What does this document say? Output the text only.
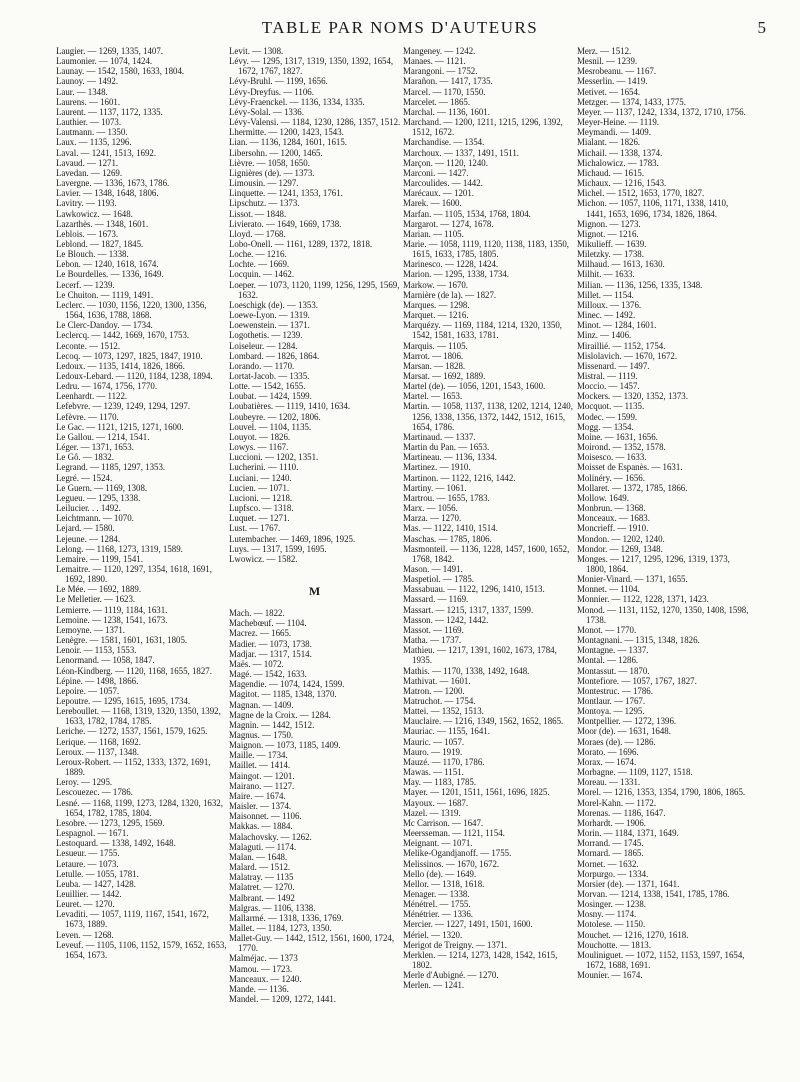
TABLE PAR NOMS D'AUTEURS	5

Laugier. — 1269, 1335, 1407.

Laumonier. — 1074, 1424.

Launay. — 1542, 1580, 1633, 1804.

Launoy. — 1492.

Laur. — 1348.

Laurens. — 1601.

Laurent. — 1137, 1172, 1335.

Lauthier. — 1073.

Lautmann. — 1350.

Laux. — 1135, 1296.

Laval. — 1241, 1513, 1692.

Lavaud. — 1271.

Lavedan. — 1269.

Lavergne. — 1336, 1673, 1786.

Lavier. — 1348, 1648, 1806.

Lavitry. — 1193.

Lawkowicz. — 1648.

Lazarthès. — 1348, 1601.

Leblois. — 1673.

Leblond. — 1827, 1845.

Le Blouch. — 1338.

Lebon. — 1240, 1618, 1674.

Le Bourdelles. — 1336, 1649.

Lecerf. — 1239.

Le Chuiton. — 1119, 1491.

Leclerc. — 1030, 1156, 1220, 1300, 1356, 1564, 1636, 1788, 1868.

Le Clerc-Dandoy. — 1734.

Leclercq. — 1442, 1669, 1670, 1753.

Leconte. — 1512.

Lecoq. — 1073, 1297, 1825, 1847, 1910.

Ledoux. — 1135, 1414, 1826, 1866.

Ledoux-Lebard. — 1120, 1184, 1238, 1894.

Ledru. — 1674, 1756, 1770.

Leenhardt. — 1122.

Lefebvre. — 1239, 1249, 1294, 1297.

Lefèvre. — 1170.

Le Gac. — 1121, 1215, 1271, 1600.

Le Gallou. — 1214, 1541.

Léger. — 1371, 1653.

Le Gô. — 1832.

Legrand. — 1185, 1297, 1353.

Legré. — 1524.

Le Guern. — 1169, 1308.

Legueu. — 1295, 1338.

Leilucier. . . 1492.

Leichtmann. — 1070.

Lejard. — 1580.

Lejeune. — 1284.

Lelong. — 1168, 1273, 1319, 1589.

Lemaire. — 1199, 1541.

Lemaitre. — 1120, 1297, 1354, 1618, 1691, 1692, 1890.

Le Mée. — 1692, 1889.

Le Melletier. — 1623.

Lemierre. — 1119, 1184, 1631.

Lemoine. — 1238, 1541, 1673.

Lemoyne. — 1371.

Lenègre. — 1581, 1601, 1631, 1805.

Lenoir. — 1153, 1553.

Lenormand. — 1058, 1847.

Léon-Kindberg. — 1120, 1168, 1655, 1827.

Lépine. — 1498, 1866.

Lepoire. — 1057.

Lepoutre. — 1295, 1615, 1695, 1734.

Lereboullet. — 1168, 1319, 1320, 1350, 1392, 1633, 1782, 1784, 1785.

Leriche. — 1272, 1537, 1561, 1579, 1625.

Lerique. — 1168, 1692.

Leroux. — 1137, 1348.

Leroux-Robert. — 1152, 1333, 1372, 1691, 1889.

Leroy. — 1295.

Lescouezec. — 1786.

Lesné. — 1168, 1199, 1273, 1284, 1320, 1632, 1654, 1782, 1785, 1804.

Lesobre. — 1273, 1295, 1569.

Lespagnol. — 1671.

Lestoquard. — 1338, 1492, 1648.

Lesueur. — 1755.

Letaure. — 1073.

Letulle. — 1055, 1781.

Leuba. — 1427, 1428.

Leuillier. — 1442.

Leuret. — 1270.

Levaditi. — 1057, 1119, 1167, 1541, 1672, 1673, 1889.

Leven. — 1268.

Leveuf. — 1105, 1106, 1152, 1579, 1652, 1653, 1654, 1673.

Levit. — 1308.

Lévy. — 1295, 1317, 1319, 1350, 1392, 1654, 1672, 1767, 1827.

Lévy-Bruhl. — 1199, 1656.

Lévy-Dreyfus. — 1106.

Lévy-Fraenckel. — 1136, 1334, 1335.

Lévy-Solal. — 1336.

Lévy-Valensi. — 1184, 1230, 1286, 1357, 1512.

Lhermitte. — 1200, 1423, 1543.

Lian. — 1136, 1284, 1601, 1615.

Libersohn. — 1200, 1465.

Lièvre. — 1058, 1650.

Lignières (de). — 1373.

Limousin. — 1297.

Linquette. — 1241, 1353, 1761.

Lipschutz. — 1373.

Lissot. — 1848.

Livierato. — 1649, 1669, 1738.

Lloyd. — 1768.

Lobo-Onell. — 1161, 1289, 1372, 1818.

Loche. — 1216.

Lochte. — 1669.

Locquin. — 1462.

Loeper. — 1073, 1120, 1199, 1256, 1295, 1569, 1632.

Loeschigk (de). — 1353.

Loewe-Lyon. — 1319.

Loewenstein. — 1371.

Logothetis. — 1239.

Loiseleur. — 1284.

Lombard. — 1826, 1864.

Lorando. — 1170.

Lortat-Jacob. — 1335.

Lotte. — 1542, 1655.

Loubat. — 1424, 1599.

Loubatières. — 1119, 1410, 1634.

Loubeyre. — 1202, 1806.

Louvel. — 1104, 1135.

Louyot. — 1826.

Lowys. — 1167.

Luccioni. — 1202, 1351.

Lucherini. — 1110.

Luciani. — 1240.

Lucien. — 1071.

Lucioni. — 1218.

Lupfsco. — 1318.

Luquet. — 1271.

Lust. — 1767.

Lutembacher. — 1469, 1896, 1925.

Luys. — 1317, 1599, 1695.

Lwowicz. — 1582.

M

Mach. — 1822.

Machebœuf. — 1104.

Macrez. — 1665.

Madier. — 1073, 1738.

Madjar. — 1317, 1514.

Maës. — 1072.

Magé. — 1542, 1633.

Magendie. — 1074, 1424, 1599.

Magitot. — 1185, 1348, 1370.

Magnan. — 1409.

Magne de la Croix. — 1284.

Magnin. — 1442, 1512.

Magnus. — 1750.

Maignon. — 1073, 1185, 1409.

Maille. — 1734.

Maillet. — 1414.

Maingot. — 1201.

Mairano. — 1127.

Maire. — 1674.

Maisler. — 1374.

Maisonnet. — 1106.

Makkas. — 1884.

Malachovsky. — 1262.

Malaguti. — 1174.

Malan. — 1648.

Malard. — 1512.

Malatray. — 1135

Malatret. — 1270.

Malbrant. — 1492

Malgras. — 1106, 1338.

Mallarmé. — 1318, 1336, 1769.

Mallet. — 1184, 1273, 1350.

Mallet-Guy. — 1442, 1512, 1561, 1600, 1724, 1770.

Malméjac. — 1373

Mamou. — 1723.

Manceaux. — 1240.

Mande. — 1136.

Mandel. — 1209, 1272, 1441.

Mangeney. — 1242.

Manaes. — 1121.

Marangoni. — 1752.

Marañon. — 1417, 1735.

Marcel. — 1170, 1550.

Marcelet. — 1865.

Marchal. — 1136, 1601.

Marchand. — 1200, 1211, 1215, 1296, 1392, 1512, 1672.

Marchandise. — 1354.

Marchoux. — 1337, 1491, 1511.

Marçon. — 1120, 1240.

Marconi. — 1427.

Marcoulides. — 1442.

Marécaux. — 1201.

Marek. — 1600.

Marfan. — 1105, 1534, 1768, 1804.

Margarot. — 1274, 1678.

Marian. — 1105.

Marie. — 1058, 1119, 1120, 1138, 1183, 1350, 1615, 1633, 1785, 1805.

Marinesco. — 1228, 1424.

Marion. — 1295, 1338, 1734.

Markow. — 1670.

Marnière (de la). — 1827.

Marques. — 1298.

Marquet. — 1216.

Marquézy. — 1169, 1184, 1214, 1320, 1350, 1542, 1581, 1633, 1781.

Marquis. — 1105.

Marrot. — 1806.

Marsan. — 1828.

Marsat. — 1692, 1889.

Martel (de). — 1056, 1201, 1543, 1600.

Martel. — 1653.

Martin. — 1058, 1137, 1138, 1202, 1214, 1240, 1256, 1338, 1356, 1372, 1442, 1512, 1615, 1654, 1786.

Martinaud. — 1337.

Martin du Pan. — 1653.

Martineau. — 1136, 1334.

Martinez. — 1910.

Martinon. — 1122, 1216, 1442.

Martiny. — 1061.

Martrou. — 1655, 1783.

Marx. — 1056.

Marza. — 1270.

Mas. — 1122, 1410, 1514.

Maschas. — 1785, 1806.

Masmonteil. — 1136, 1228, 1457, 1600, 1652, 1768, 1842.

Mason. — 1491.

Maspetiol. — 1785.

Massabuau. — 1122, 1296, 1410, 1513.

Massard. — 1169.

Massart. — 1215, 1317, 1337, 1599.

Masson. — 1242, 1442.

Massot. — 1169.

Matha. — 1737.

Mathieu. — 1217, 1391, 1602, 1673, 1784, 1935.

Mathis. — 1170, 1338, 1492, 1648.

Mathivat. — 1601.

Matron. — 1200.

Matruchot. — 1754.

Mattei. — 1352, 1513.

Mauclaire. — 1216, 1349, 1562, 1652, 1865.

Mauriac. — 1155, 1641.

Mauric. — 1057.

Mauro. — 1919.

Mauzé. — 1170, 1786.

Mawas. — 1151.

May. — 1183, 1785.

Mayer. — 1201, 1511, 1561, 1696, 1825.

Mayoux. — 1687.

Mazel. — 1319.

Mc Carrison. — 1647.

Meersseman. — 1121, 1154.

Meignant. — 1071.

Melike-Ogandjanoff. — 1755.

Melissinos. — 1670, 1672.

Mello (de). — 1649.

Mellor. — 1318, 1618.

Menager. — 1338.

Ménétrel. — 1755.

Ménétrier. — 1336.

Mercier. — 1227, 1491, 1501, 1600.

Mériel. — 1320.

Merigot de Treigny. — 1371.

Merklen. — 1214, 1273, 1428, 1542, 1615, 1802.

Merle d'Aubigné. — 1270.

Merlen. — 1241.

Merz. — 1512.

Mesnil. — 1239.

Mesrobeanu. — 1167.

Messerlin. — 1419.

Metivet. — 1654.

Metzger. — 1374, 1433, 1775.

Meyer. — 1137, 1242, 1334, 1372, 1710, 1756.

Meyer-Heine. — 1119.

Meymandi. — 1409.

Mialant. — 1826.

Michail. — 1338, 1374.

Michalowicz. — 1783.

Michaud. — 1615.

Michaux. — 1216, 1543.

Michel. — 1512, 1653, 1770, 1827.

Michon. — 1057, 1106, 1171, 1338, 1410, 1441, 1653, 1696, 1734, 1826, 1864.

Mignon. — 1273.

Mignot. — 1216.

Mikulieff. — 1639.

Miletzky. — 1738.

Milhaud. — 1613, 1630.

Milhit. — 1633.

Milian. — 1136, 1256, 1335, 1348.

Millet. — 1154.

Milloux. — 1376.

Minec. — 1492.

Minot. — 1284, 1601.

Minz. — 1406.

Miraillié. — 1152, 1754.

Mislolavich. — 1670, 1672.

Missenard. — 1497.

Mistral. — 1119.

Moccio. — 1457.

Mockers. — 1320, 1352, 1373.

Mocquot. — 1135.

Modec. — 1599.

Mogg. — 1354.

Moine. — 1631, 1656.

Moirond. — 1352, 1578.

Moisesco. — 1633.

Moisset de Espanès. — 1631.

Molinéry. — 1656.

Mollaret. — 1372, 1785, 1866.

Mollow. 1649.

Monbrun. — 1368.

Monceaux. — 1683.

Moncrieff. — 1910.

Mondon. — 1202, 1240.

Mondor. — 1269, 1348.

Monges. — 1217, 1295, 1296, 1319, 1373, 1800, 1864.

Monier-Vinard. — 1371, 1655.

Monnet. — 1104.

Monnier. — 1122, 1228, 1371, 1423.

Monod. — 1131, 1152, 1270, 1350, 1408, 1598, 1738.

Monot. — 1770.

Montagnani. — 1315, 1348, 1826.

Montagne. — 1337.

Montal. — 1286.

Montassut. — 1870.

Montefiore. — 1057, 1767, 1827.

Montestruc. — 1786.

Montlaur. — 1767.

Montoya. — 1295.

Montpellier. — 1272, 1396.

Moor (de). — 1631, 1648.

Moraes (de). — 1286.

Morato. — 1696.

Morax. — 1674.

Morbagne. — 1109, 1127, 1518.

Moreau. — 1331.

Morel. — 1216, 1353, 1354, 1790, 1806, 1865.

Morel-Kahn. — 1172.

Morenas. — 1186, 1647.

Morhardt. — 1906.

Morin. — 1184, 1371, 1649.

Morrand. — 1745.

Mornard. — 1865.

Mornet. — 1632.

Morpurgo. — 1334.

Morsier (de). — 1371, 1641.

Morvan. — 1214, 1338, 1541, 1785, 1786.

Mosinger. — 1238.

Mosny. — 1174.

Motolese. — 1150.

Mouchet. — 1216, 1270, 1618.

Mouchotte. — 1813.

Mouliniguet. — 1072, 1152, 1153, 1597, 1654, 1672, 1688, 1691.

Mounier. — 1674.
